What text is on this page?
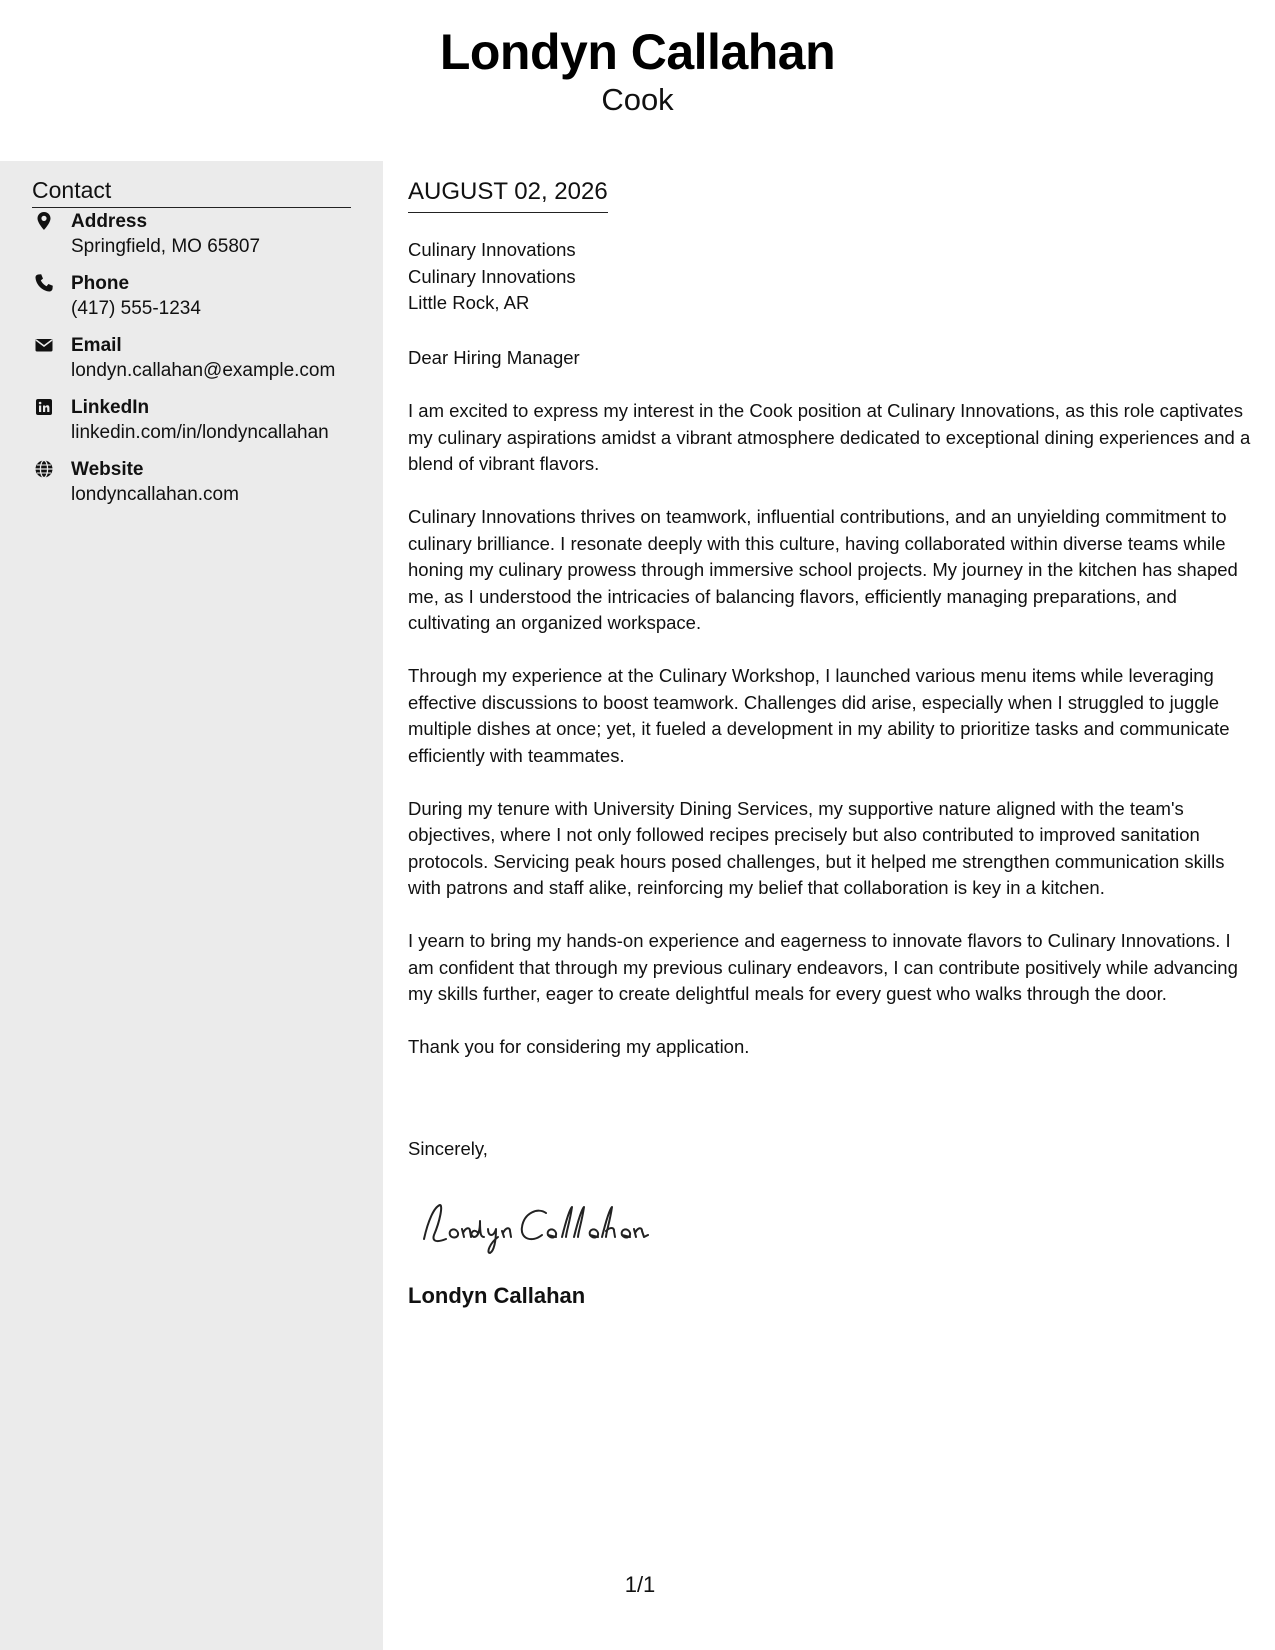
Londyn Callahan
Cook
Contact
Address
Springfield, MO 65807
Phone
(417) 555-1234
Email
londyn.callahan@example.com
LinkedIn
linkedin.com/in/londyncallahan
Website
londyncallahan.com
AUGUST 02, 2026
Culinary Innovations
Culinary Innovations
Little Rock, AR
Dear Hiring Manager

I am excited to express my interest in the Cook position at Culinary Innovations, as this role captivates my culinary aspirations amidst a vibrant atmosphere dedicated to exceptional dining experiences and a blend of vibrant flavors.

Culinary Innovations thrives on teamwork, influential contributions, and an unyielding commitment to culinary brilliance. I resonate deeply with this culture, having collaborated within diverse teams while honing my culinary prowess through immersive school projects. My journey in the kitchen has shaped me, as I understood the intricacies of balancing flavors, efficiently managing preparations, and cultivating an organized workspace.

Through my experience at the Culinary Workshop, I launched various menu items while leveraging effective discussions to boost teamwork. Challenges did arise, especially when I struggled to juggle multiple dishes at once; yet, it fueled a development in my ability to prioritize tasks and communicate efficiently with teammates.

During my tenure with University Dining Services, my supportive nature aligned with the team's objectives, where I not only followed recipes precisely but also contributed to improved sanitation protocols. Servicing peak hours posed challenges, but it helped me strengthen communication skills with patrons and staff alike, reinforcing my belief that collaboration is key in a kitchen.

I yearn to bring my hands-on experience and eagerness to innovate flavors to Culinary Innovations. I am confident that through my previous culinary endeavors, I can contribute positively while advancing my skills further, eager to create delightful meals for every guest who walks through the door.

Thank you for considering my application.

Sincerely,
Londyn Callahan
1/1
